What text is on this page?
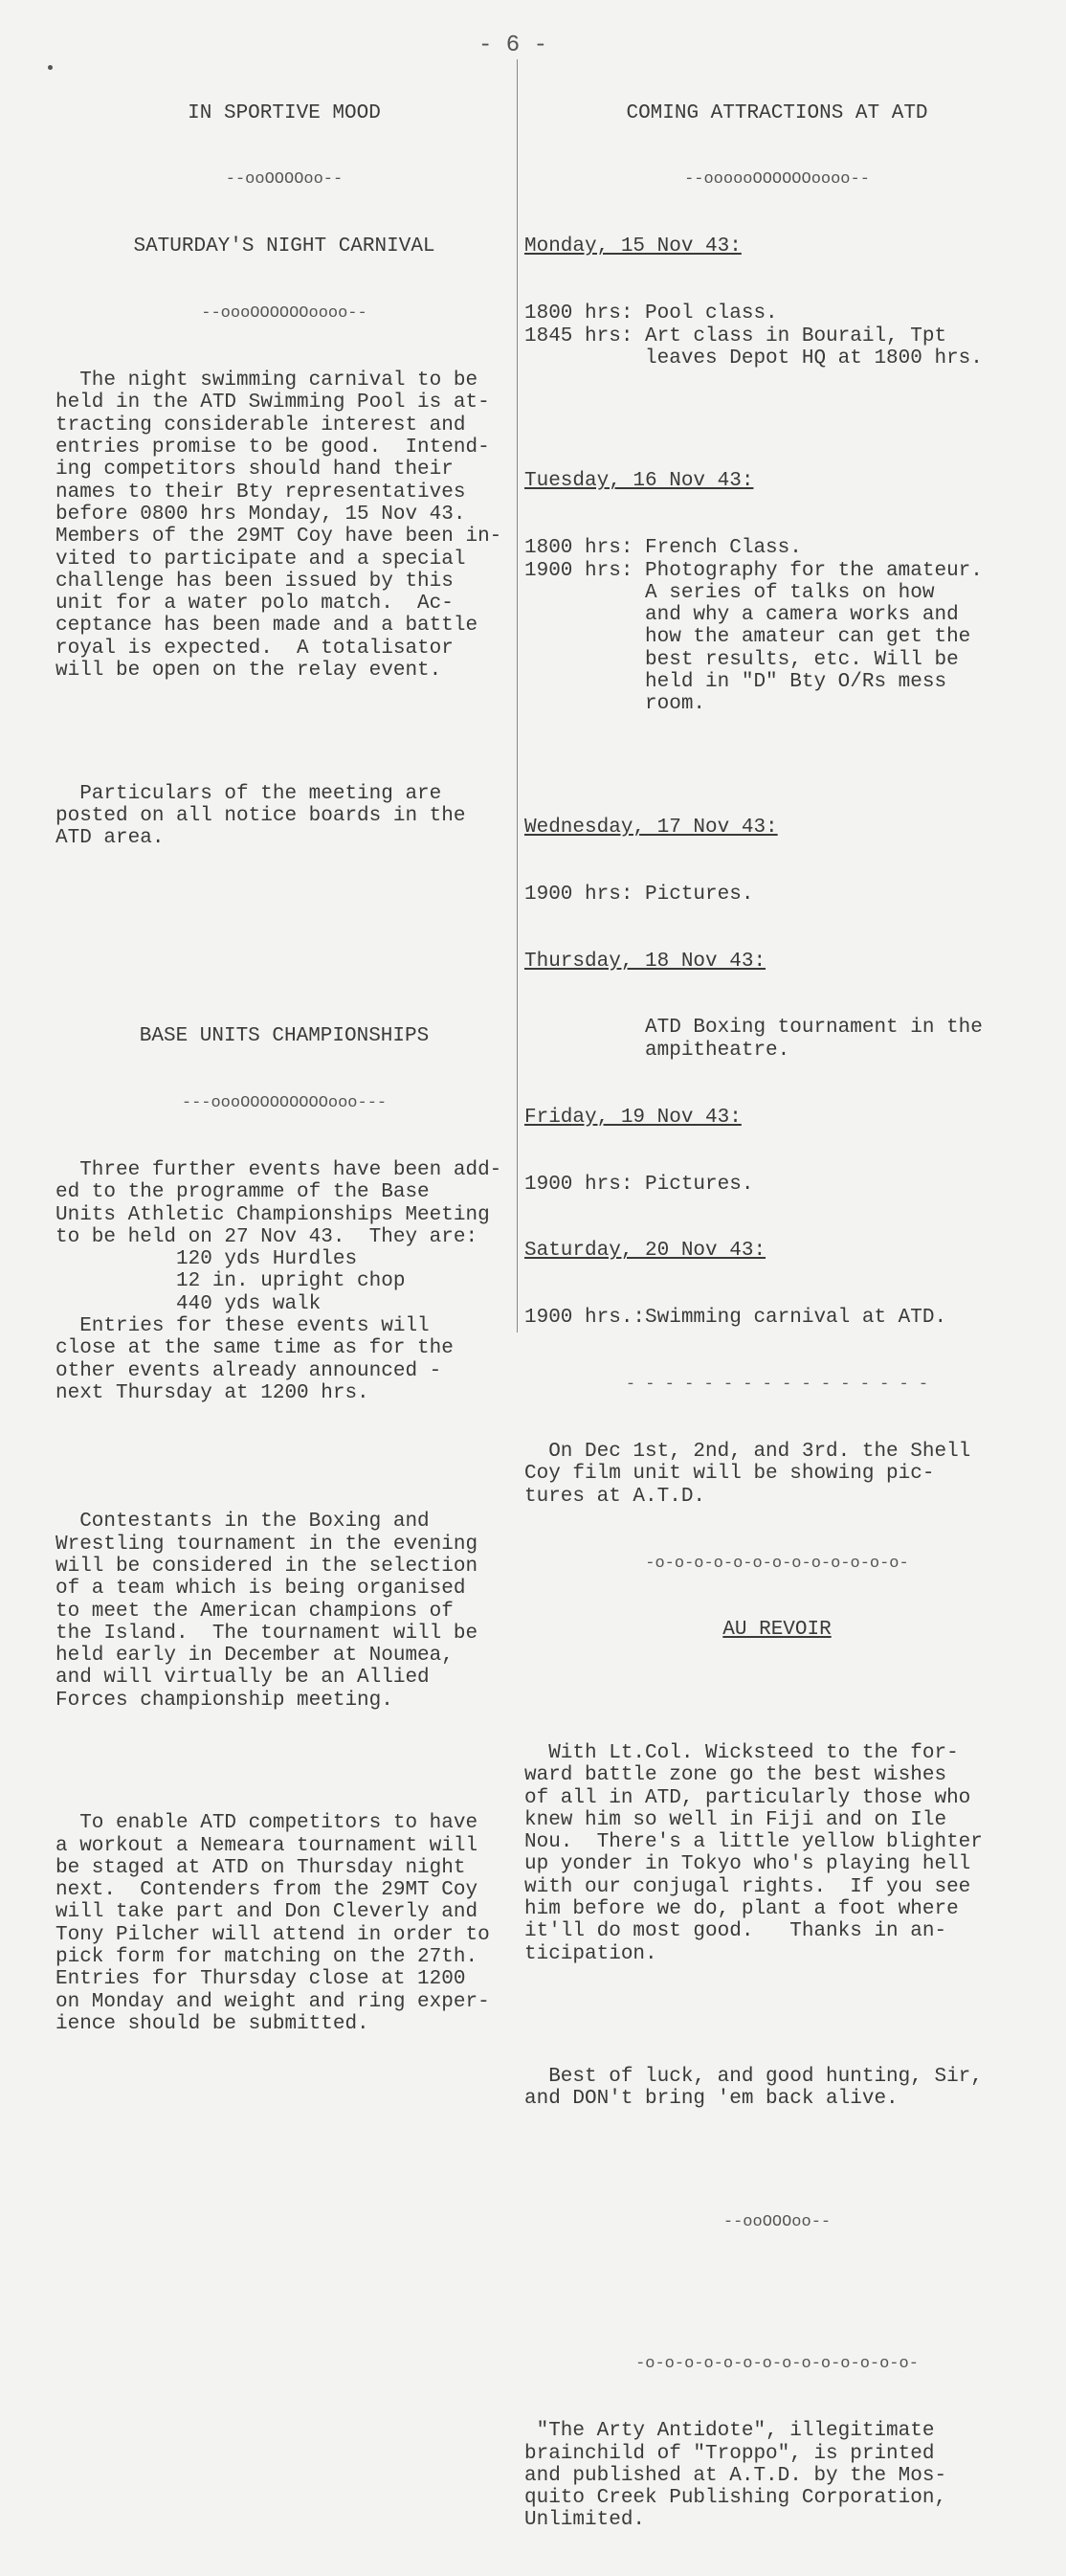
- 6 -

IN SPORTIVE MOOD

--ooOOOOoo--

SATURDAY'S NIGHT CARNIVAL

--oooOOOOOOoooo--

The night swimming carnival to be
held in the ATD Swimming Pool is at-
tracting considerable interest and
entries promise to be good.  Intend-
ing competitors should hand their
names to their Bty representatives
before 0800 hrs Monday, 15 Nov 43.
Members of the 29MT Coy have been in-
vited to participate and a special
challenge has been issued by this
unit for a water polo match.  Ac-
ceptance has been made and a battle
royal is expected.  A totalisator
will be open on the relay event.

Particulars of the meeting are
posted on all notice boards in the
ATD area.

BASE UNITS CHAMPIONSHIPS

---oooOOOOOOOOOooo---

Three further events have been add-
ed to the programme of the Base
Units Athletic Championships Meeting
to be held on 27 Nov 43.  They are:
120 yds Hurdles
12 in. upright chop
440 yds walk
Entries for these events will
close at the same time as for the
other events already announced -
next Thursday at 1200 hrs.

Contestants in the Boxing and
Wrestling tournament in the evening
will be considered in the selection
of a team which is being organised
to meet the American champions of
the Island.  The tournament will be
held early in December at Noumea,
and will virtually be an Allied
Forces championship meeting.

To enable ATD competitors to have
a workout a Nemeara tournament will
be staged at ATD on Thursday night
next.  Contenders from the 29MT Coy
will take part and Don Cleverly and
Tony Pilcher will attend in order to
pick form for matching on the 27th.
Entries for Thursday close at 1200
on Monday and weight and ring exper-
ience should be submitted.

COMING ATTRACTIONS AT ATD

--oooooOOOOOOoooo--

Monday, 15 Nov 43:

1800 hrs: Pool class.
1845 hrs: Art class in Bourail, Tpt
leaves Depot HQ at 1800 hrs.

Tuesday, 16 Nov 43:

1800 hrs: French Class.
1900 hrs: Photography for the amateur.
A series of talks on how
and why a camera works and
how the amateur can get the
best results, etc. Will be
held in "D" Bty O/Rs mess
room.

Wednesday, 17 Nov 43:

1900 hrs: Pictures.

Thursday, 18 Nov 43:

ATD Boxing tournament in the
ampitheatre.

Friday, 19 Nov 43:

1900 hrs: Pictures.

Saturday, 20 Nov 43:

1900 hrs.:Swimming carnival at ATD.

- - - - - - - - - - - - - - - -

On Dec 1st, 2nd, and 3rd. the Shell
Coy film unit will be showing pic-
tures at A.T.D.

-o-o-o-o-o-o-o-o-o-o-o-o-o-

AU REVOIR

With Lt.Col. Wicksteed to the for-
ward battle zone go the best wishes
of all in ATD, particularly those who
knew him so well in Fiji and on Ile
Nou.  There's a little yellow blighter
up yonder in Tokyo who's playing hell
with our conjugal rights.  If you see
him before we do, plant a foot where
it'll do most good.   Thanks in an-
ticipation.

Best of luck, and good hunting, Sir,
and DON't bring 'em back alive.

--ooOOOoo--

-o-o-o-o-o-o-o-o-o-o-o-o-o-o-

"The Arty Antidote", illegitimate
brainchild of "Troppo", is printed
and published at A.T.D. by the Mos-
quito Creek Publishing Corporation,
Unlimited.
